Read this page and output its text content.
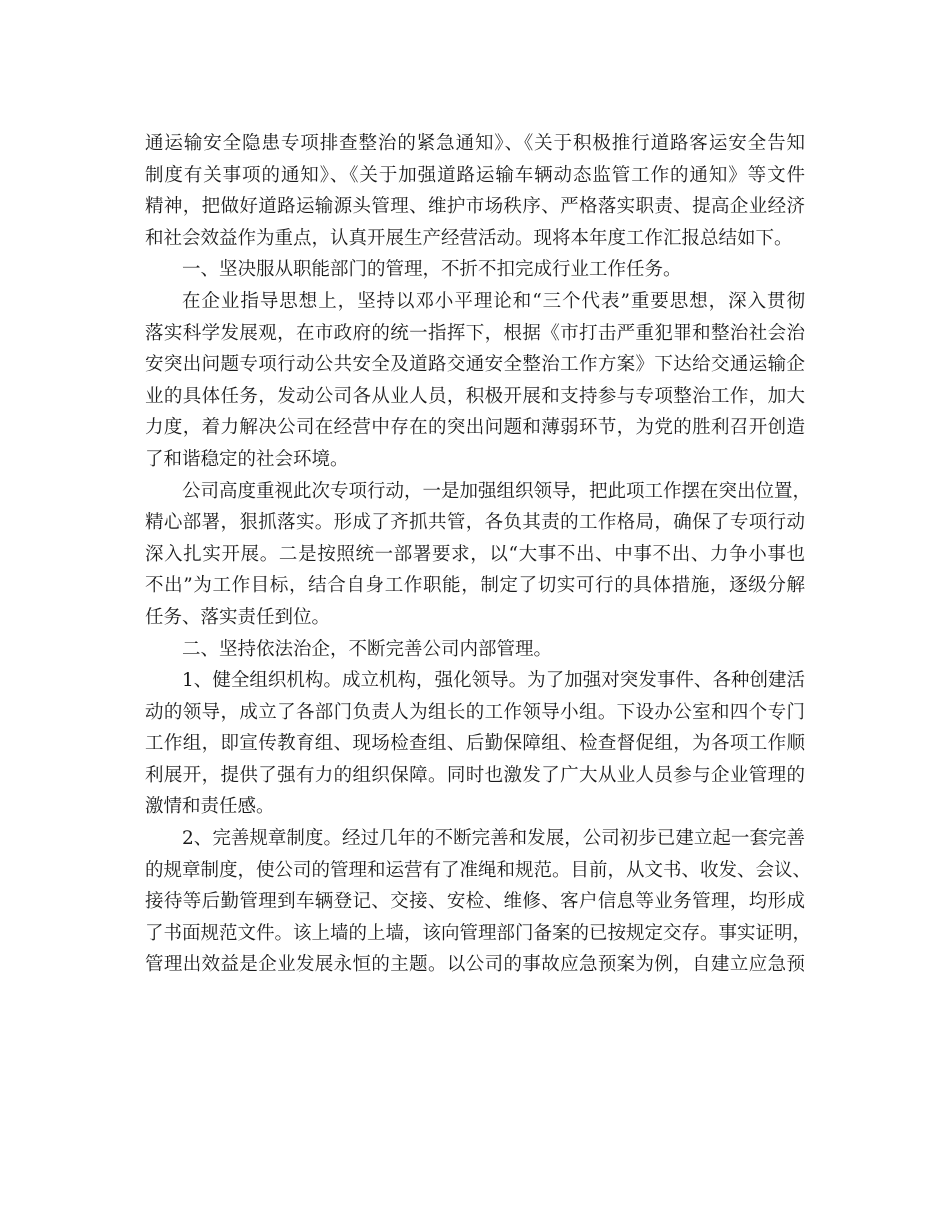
通运输安全隐患专项排查整治的紧急通知》、《关于积极推行道路客运安全告知
制度有关事项的通知》、《关于加强道路运输车辆动态监管工作的通知》等文件
精神，把做好道路运输源头管理、维护市场秩序、严格落实职责、提高企业经济
和社会效益作为重点，认真开展生产经营活动。现将本年度工作汇报总结如下。
一、坚决服从职能部门的管理，不折不扣完成行业工作任务。
在企业指导思想上，坚持以邓小平理论和“三个代表”重要思想，深入贯彻
落实科学发展观，在市政府的统一指挥下，根据《市打击严重犯罪和整治社会治
安突出问题专项行动公共安全及道路交通安全整治工作方案》下达给交通运输企
业的具体任务，发动公司各从业人员，积极开展和支持参与专项整治工作，加大
力度，着力解决公司在经营中存在的突出问题和薄弱环节，为党的胜利召开创造
了和谐稳定的社会环境。
公司高度重视此次专项行动，一是加强组织领导，把此项工作摆在突出位置，
精心部署，狠抓落实。形成了齐抓共管，各负其责的工作格局，确保了专项行动
深入扎实开展。二是按照统一部署要求，以“大事不出、中事不出、力争小事也
不出”为工作目标，结合自身工作职能，制定了切实可行的具体措施，逐级分解
任务、落实责任到位。
二、坚持依法治企，不断完善公司内部管理。
1、健全组织机构。成立机构，强化领导。为了加强对突发事件、各种创建活
动的领导，成立了各部门负责人为组长的工作领导小组。下设办公室和四个专门
工作组，即宣传教育组、现场检查组、后勤保障组、检查督促组，为各项工作顺
利展开，提供了强有力的组织保障。同时也激发了广大从业人员参与企业管理的
激情和责任感。
2、完善规章制度。经过几年的不断完善和发展，公司初步已建立起一套完善
的规章制度，使公司的管理和运营有了准绳和规范。目前，从文书、收发、会议、
接待等后勤管理到车辆登记、交接、安检、维修、客户信息等业务管理，均形成
了书面规范文件。该上墙的上墙，该向管理部门备案的已按规定交存。事实证明，
管理出效益是企业发展永恒的主题。以公司的事故应急预案为例，自建立应急预
